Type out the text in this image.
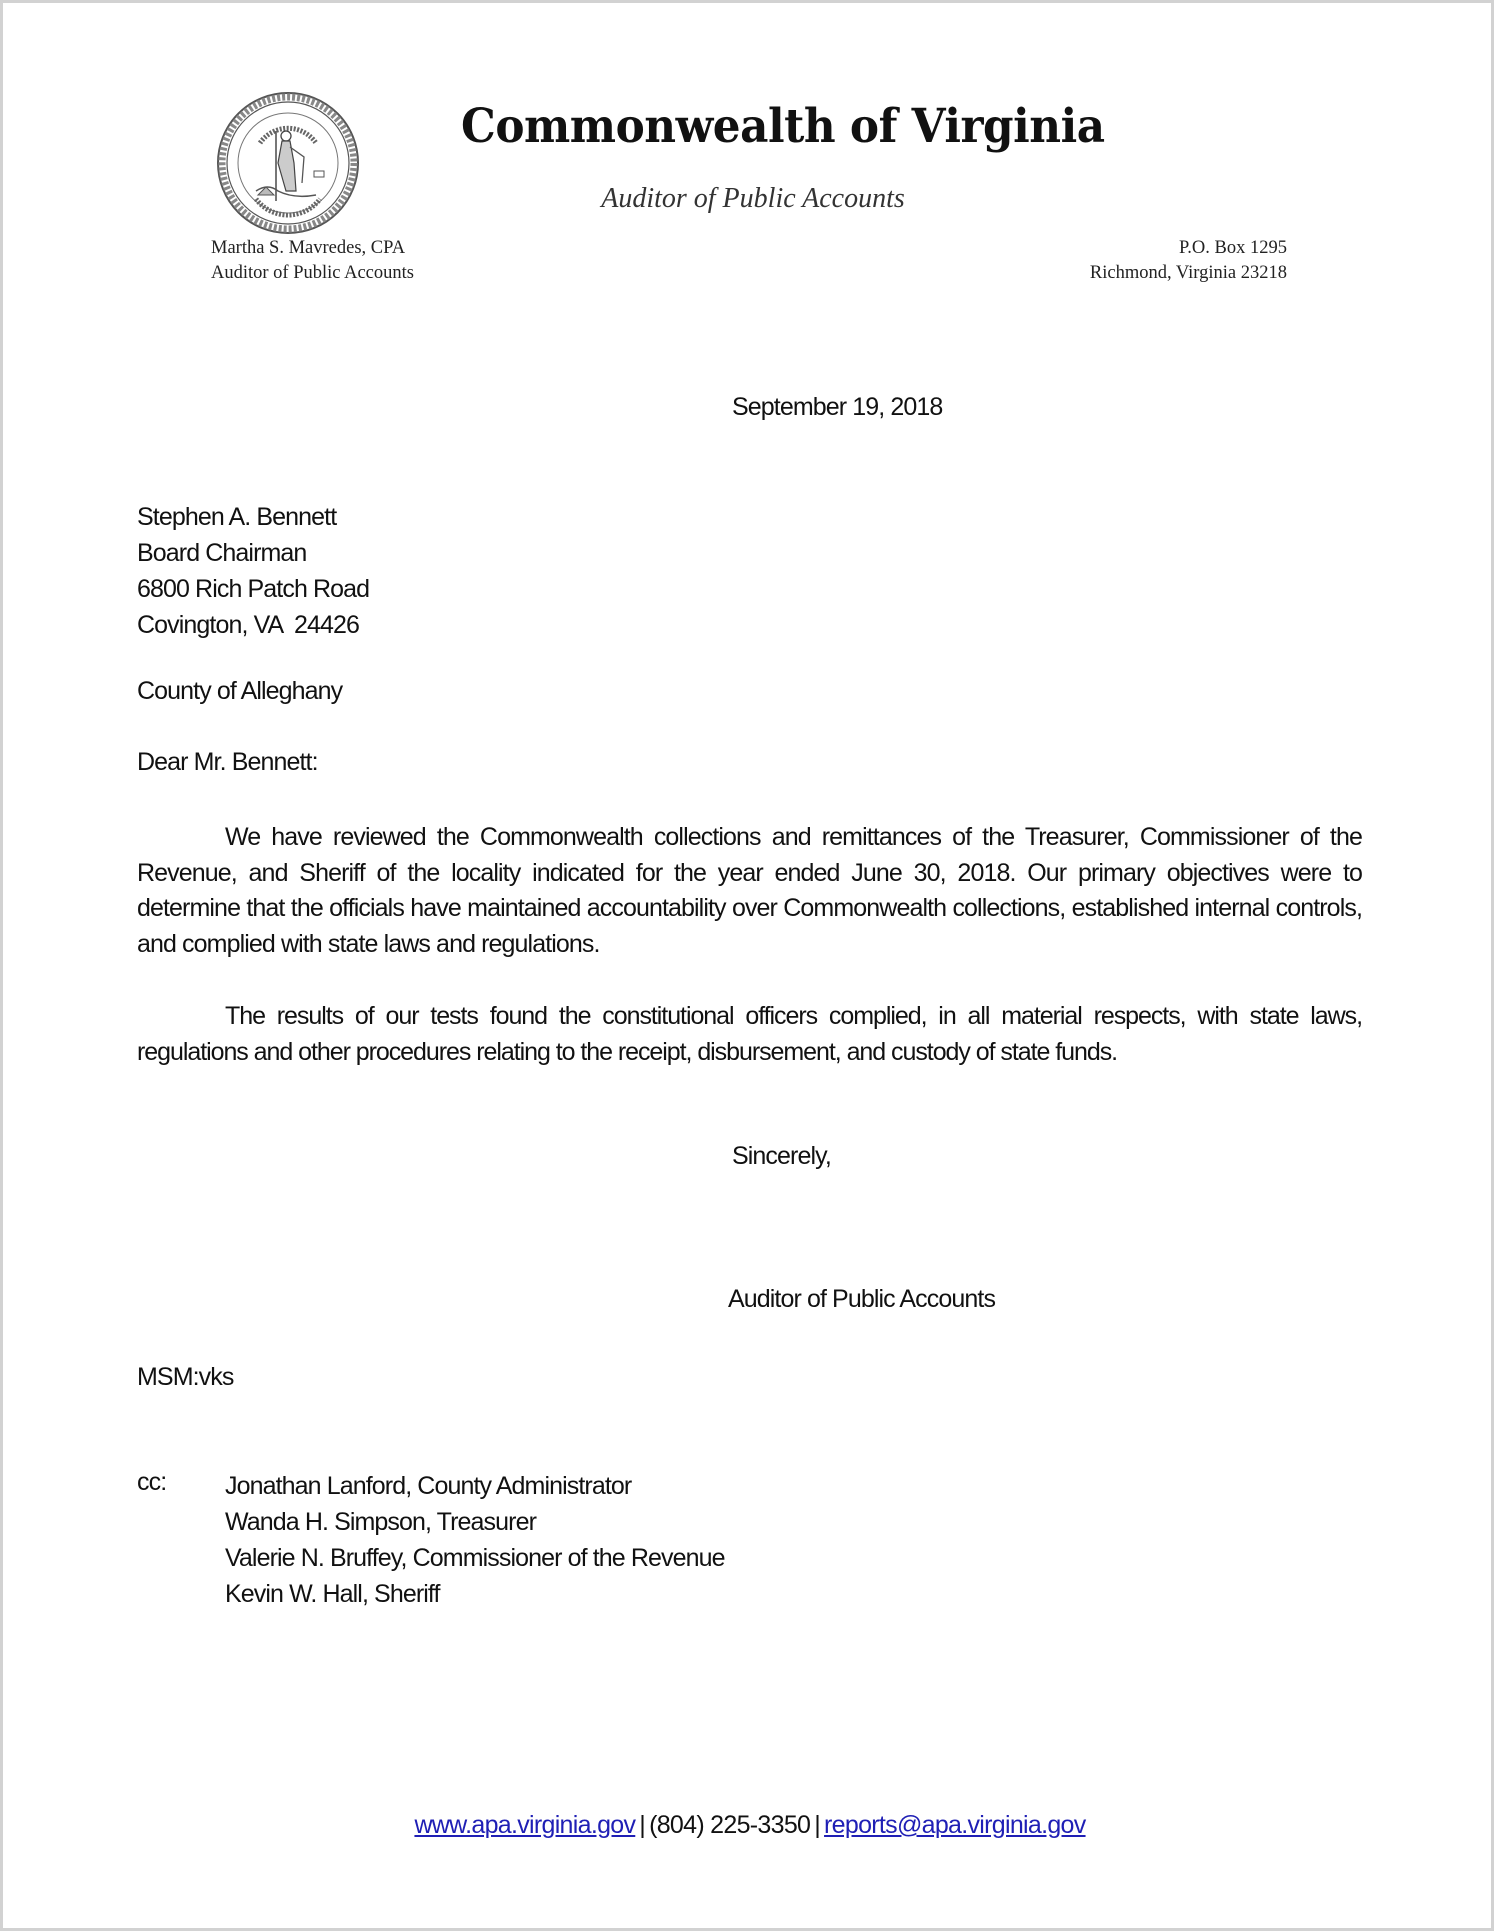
Commonwealth of Virginia
Auditor of Public Accounts
Martha S. Mavredes, CPA
Auditor of Public Accounts
P.O. Box 1295
Richmond, Virginia 23218
September 19, 2018
Stephen A. Bennett
Board Chairman
6800 Rich Patch Road
Covington, VA  24426
County of Alleghany
Dear Mr. Bennett:
We have reviewed the Commonwealth collections and remittances of the Treasurer, Commissioner of the Revenue, and Sheriff of the locality indicated for the year ended June 30, 2018. Our primary objectives were to determine that the officials have maintained accountability over Commonwealth collections, established internal controls, and complied with state laws and regulations.
The results of our tests found the constitutional officers complied, in all material respects, with state laws, regulations and other procedures relating to the receipt, disbursement, and custody of state funds.
Sincerely,
Auditor of Public Accounts
MSM:vks
cc: Jonathan Lanford, County Administrator
Wanda H. Simpson, Treasurer
Valerie N. Bruffey, Commissioner of the Revenue
Kevin W. Hall, Sheriff
www.apa.virginia.gov | (804) 225-3350 | reports@apa.virginia.gov
